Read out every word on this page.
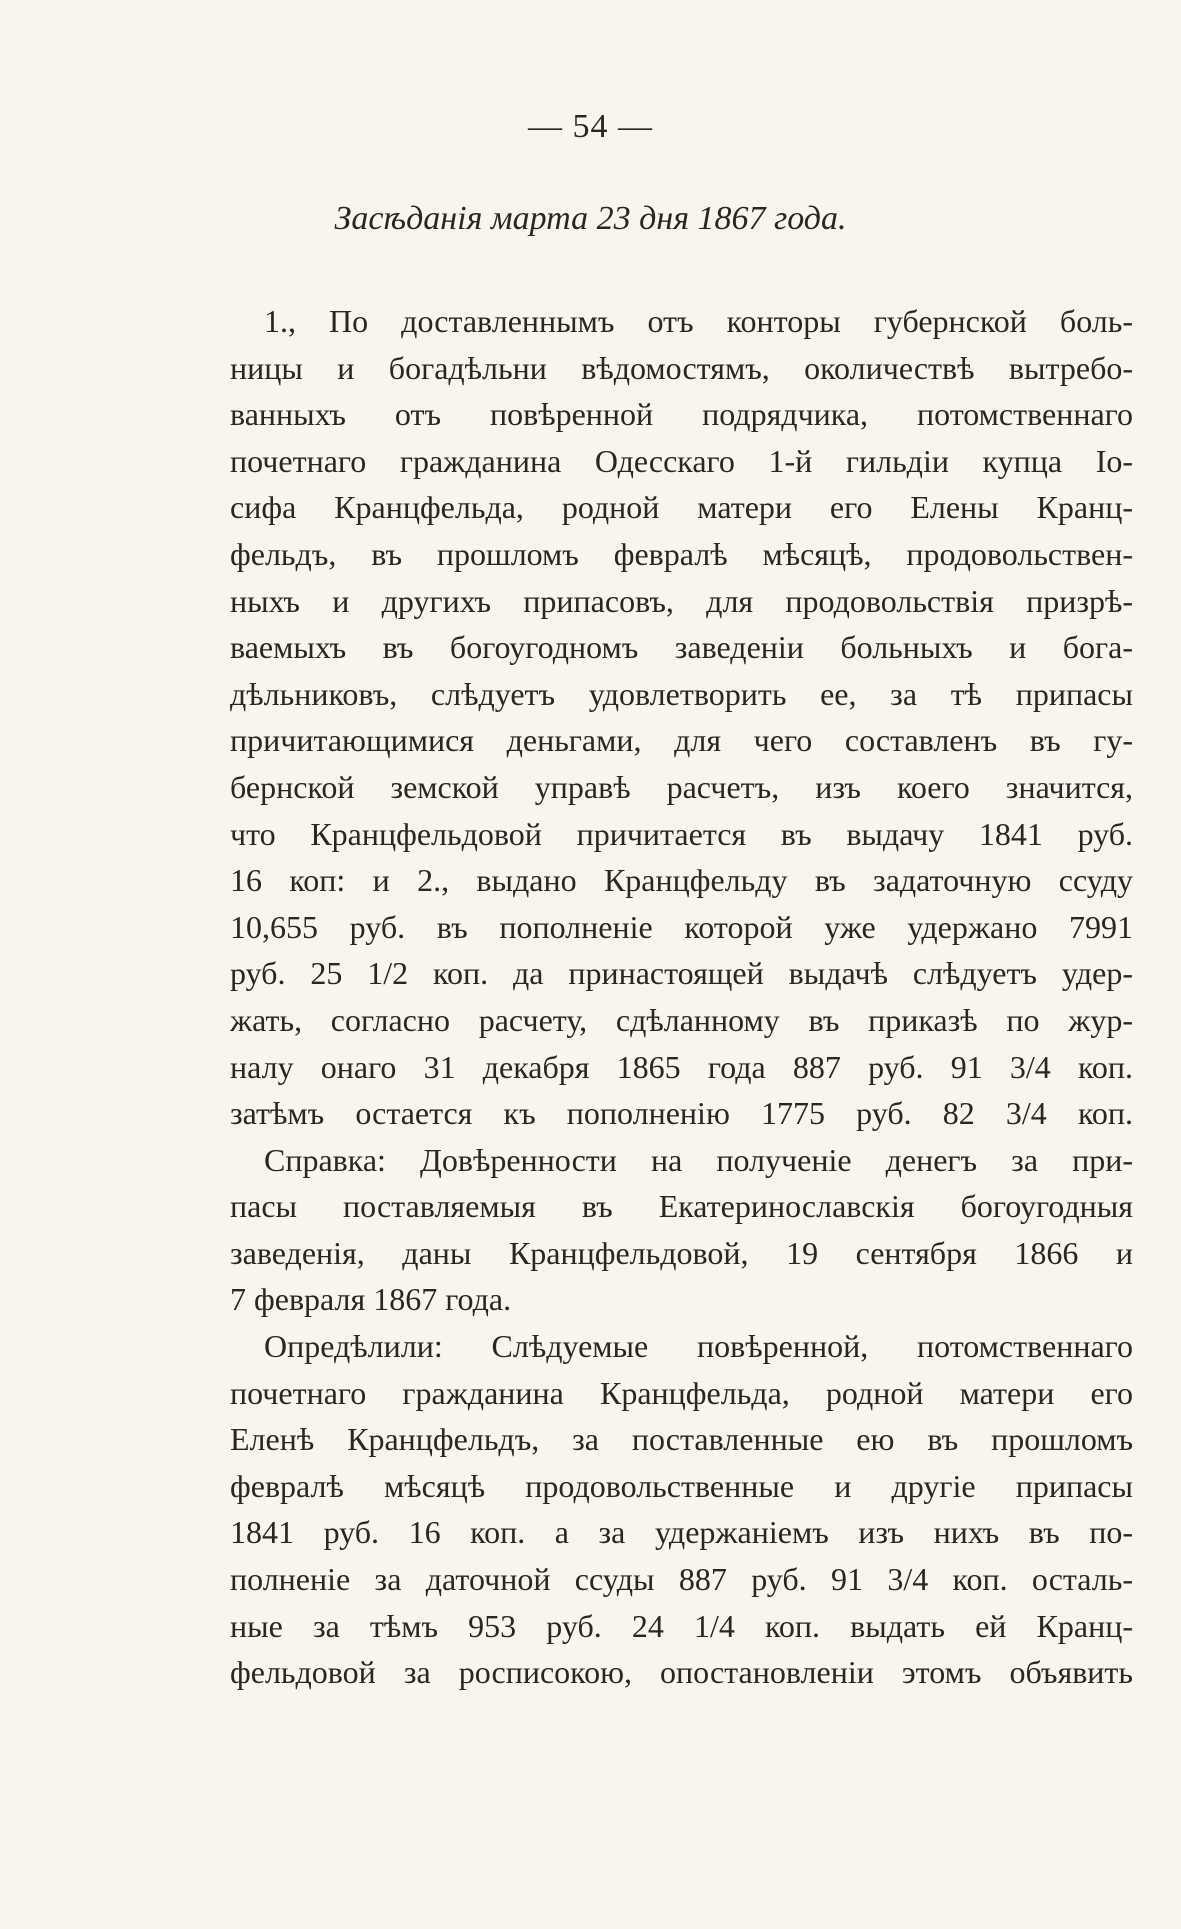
— 54 —
Засѣданія марта 23 дня 1867 года.
1., По доставленнымъ отъ конторы губернской боль-
ницы и богадѣльни вѣдомостямъ, околичествѣ вытребо-
ванныхъ отъ повѣренной подрядчика, потомственнаго
почетнаго гражданина Одесскаго 1-й гильдіи купца Іо-
сифа Кранцфельда, родной матери его Елены Кранц-
фельдъ, въ прошломъ февралѣ мѣсяцѣ, продовольствен-
ныхъ и другихъ припасовъ, для продовольствія призрѣ-
ваемыхъ въ богоугодномъ заведеніи больныхъ и бога-
дѣльниковъ, слѣдуетъ удовлетворить ее, за тѣ припасы
причитающимися деньгами, для чего составленъ въ гу-
бернской земской управѣ расчетъ, изъ коего значится,
что Кранцфельдовой причитается въ выдачу 1841 руб.
16 коп: и 2., выдано Кранцфельду въ задаточную ссуду
10,655 руб. въ пополненіе которой уже удержано 7991
руб. 25 1/2 коп. да принастоящей выдачѣ слѣдуетъ удер-
жать, согласно расчету, сдѣланному въ приказѣ по жур-
налу онаго 31 декабря 1865 года 887 руб. 91 3/4 коп.
затѣмъ остается къ пополненію 1775 руб. 82 3/4 коп.
Справка: Довѣренности на полученіе денегъ за при-
пасы поставляемыя въ Екатеринославскія богоугодныя
заведенія, даны Кранцфельдовой, 19 сентября 1866 и
7 февраля 1867 года.
Опредѣлили: Слѣдуемые повѣренной, потомственнаго
почетнаго гражданина Кранцфельда, родной матери его
Еленѣ Кранцфельдъ, за поставленные ею въ прошломъ
февралѣ мѣсяцѣ продовольственные и другіе припасы
1841 руб. 16 коп. а за удержаніемъ изъ нихъ въ по-
полненіе за даточной ссуды 887 руб. 91 3/4 коп. осталь-
ные за тѣмъ 953 руб. 24 1/4 коп. выдать ей Кранц-
фельдовой за росписокою, опостановленіи этомъ объявить
